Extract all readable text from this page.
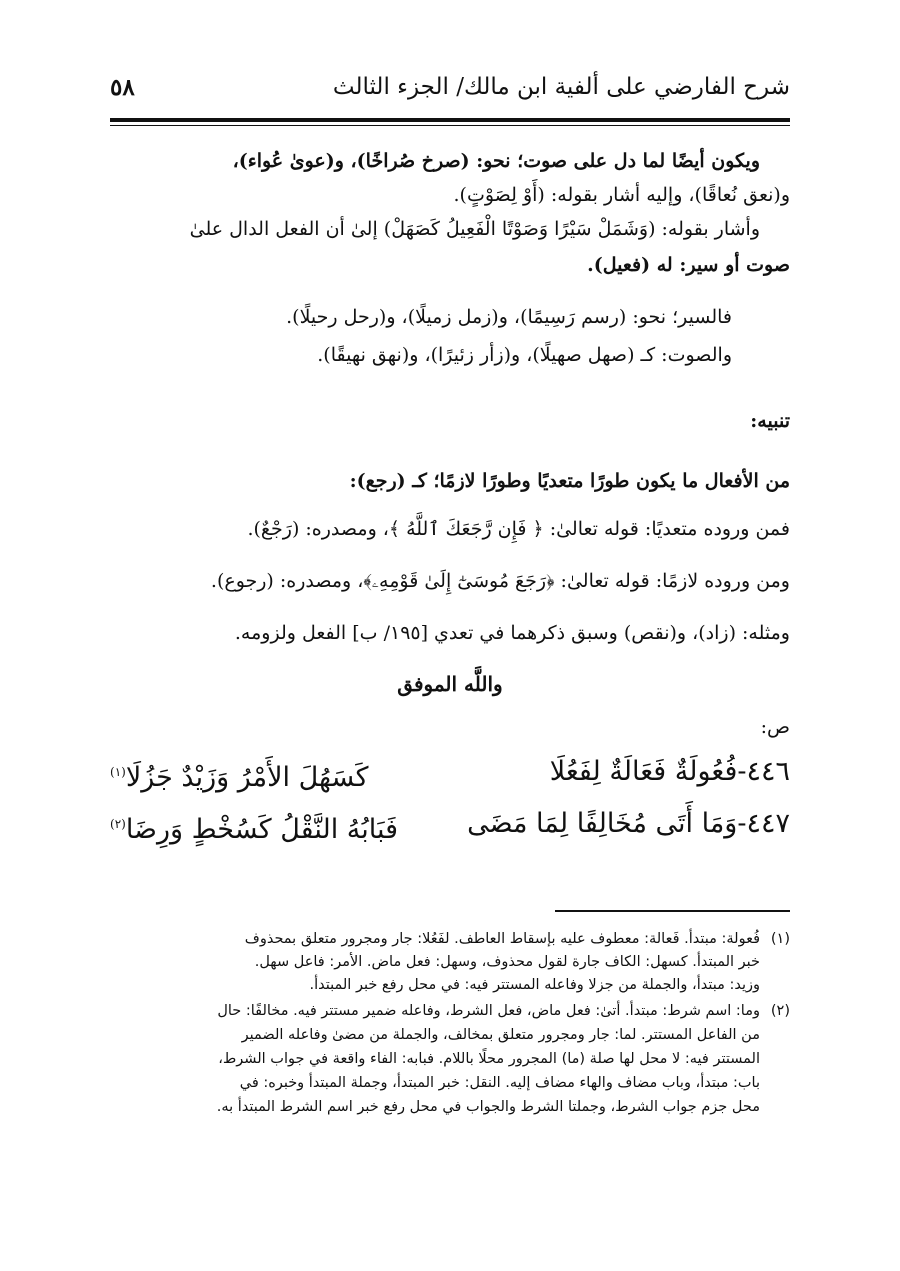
شرح الفارضي على ألفية ابن مالك/ الجزء الثالث
٥٨
ويكون أيضًا لما دل على صوت؛ نحو: (صرخ صُراخًا)، و(عوىٰ عُواء)،
و(نعق نُعاقًا)، وإليه أشار بقوله: (أَوْ لِصَوْتٍ).
وأشار بقوله: (وَشَمَلْ سَيْرًا وَصَوْتًا الْفَعِيلُ كَصَهَلْ) إلىٰ أن الفعل الدال علىٰ
صوت أو سير: له (فعيل).
فالسير؛ نحو: (رسم رَسِيمًا)، و(زمل زميلًا)، و(رحل رحيلًا).
والصوت: كـ (صهل صهيلًا)، و(زأر زئيرًا)، و(نهق نهيقًا).
تنبيه:
من الأفعال ما يكون طورًا متعديًا وطورًا لازمًا؛ كـ (رجع):
فمن وروده متعديًا: قوله تعالىٰ: ﴿ فَإِن رَّجَعَكَ ٱللَّهُ ﴾، ومصدره: (رَجْعٌ).
ومن وروده لازمًا: قوله تعالىٰ: ﴿رَجَعَ مُوسَىٰٓ إِلَىٰ قَوْمِهِۦ﴾، ومصدره: (رجوع).
ومثله: (زاد)، و(نقص) وسبق ذكرهما في تعدي [١٩٥/ ب] الفعل ولزومه.
واللَّه الموفق
ص:
٤٤٦-فُعُولَةٌ فَعَالَةٌ لِفَعُلَا
كَسَهُلَ الأَمْرُ وَزَيْدٌ جَزُلَا$^{(١)}$
٤٤٧-وَمَا أَتَى مُخَالِفًا لِمَا مَضَى
فَبَابُهُ النَّقْلُ كَسُخْطٍ وَرِضَا$^{(٢)}$
(١)فُعولة: مبتدأ. فَعالة: معطوف عليه بإسقاط العاطف. لفَعُلا: جار ومجرور متعلق بمحذوف
خبر المبتدأ. كسهل: الكاف جارة لقول محذوف، وسهل: فعل ماض. الأمر: فاعل سهل.
وزيد: مبتدأ، والجملة من جزلا وفاعله المستتر فيه: في محل رفع خبر المبتدأ.
(٢)وما: اسم شرط: مبتدأ. أتىٰ: فعل ماض، فعل الشرط، وفاعله ضمير مستتر فيه. مخالفًا: حال
من الفاعل المستتر. لما: جار ومجرور متعلق بمخالف، والجملة من مضىٰ وفاعله الضمير
المستتر فيه: لا محل لها صلة (ما) المجرور محلًا باللام. فبابه: الفاء واقعة في جواب الشرط،
باب: مبتدأ، وباب مضاف والهاء مضاف إليه. النقل: خبر المبتدأ، وجملة المبتدأ وخبره: في
محل جزم جواب الشرط، وجملتا الشرط والجواب في محل رفع خبر اسم الشرط المبتدأ به.
